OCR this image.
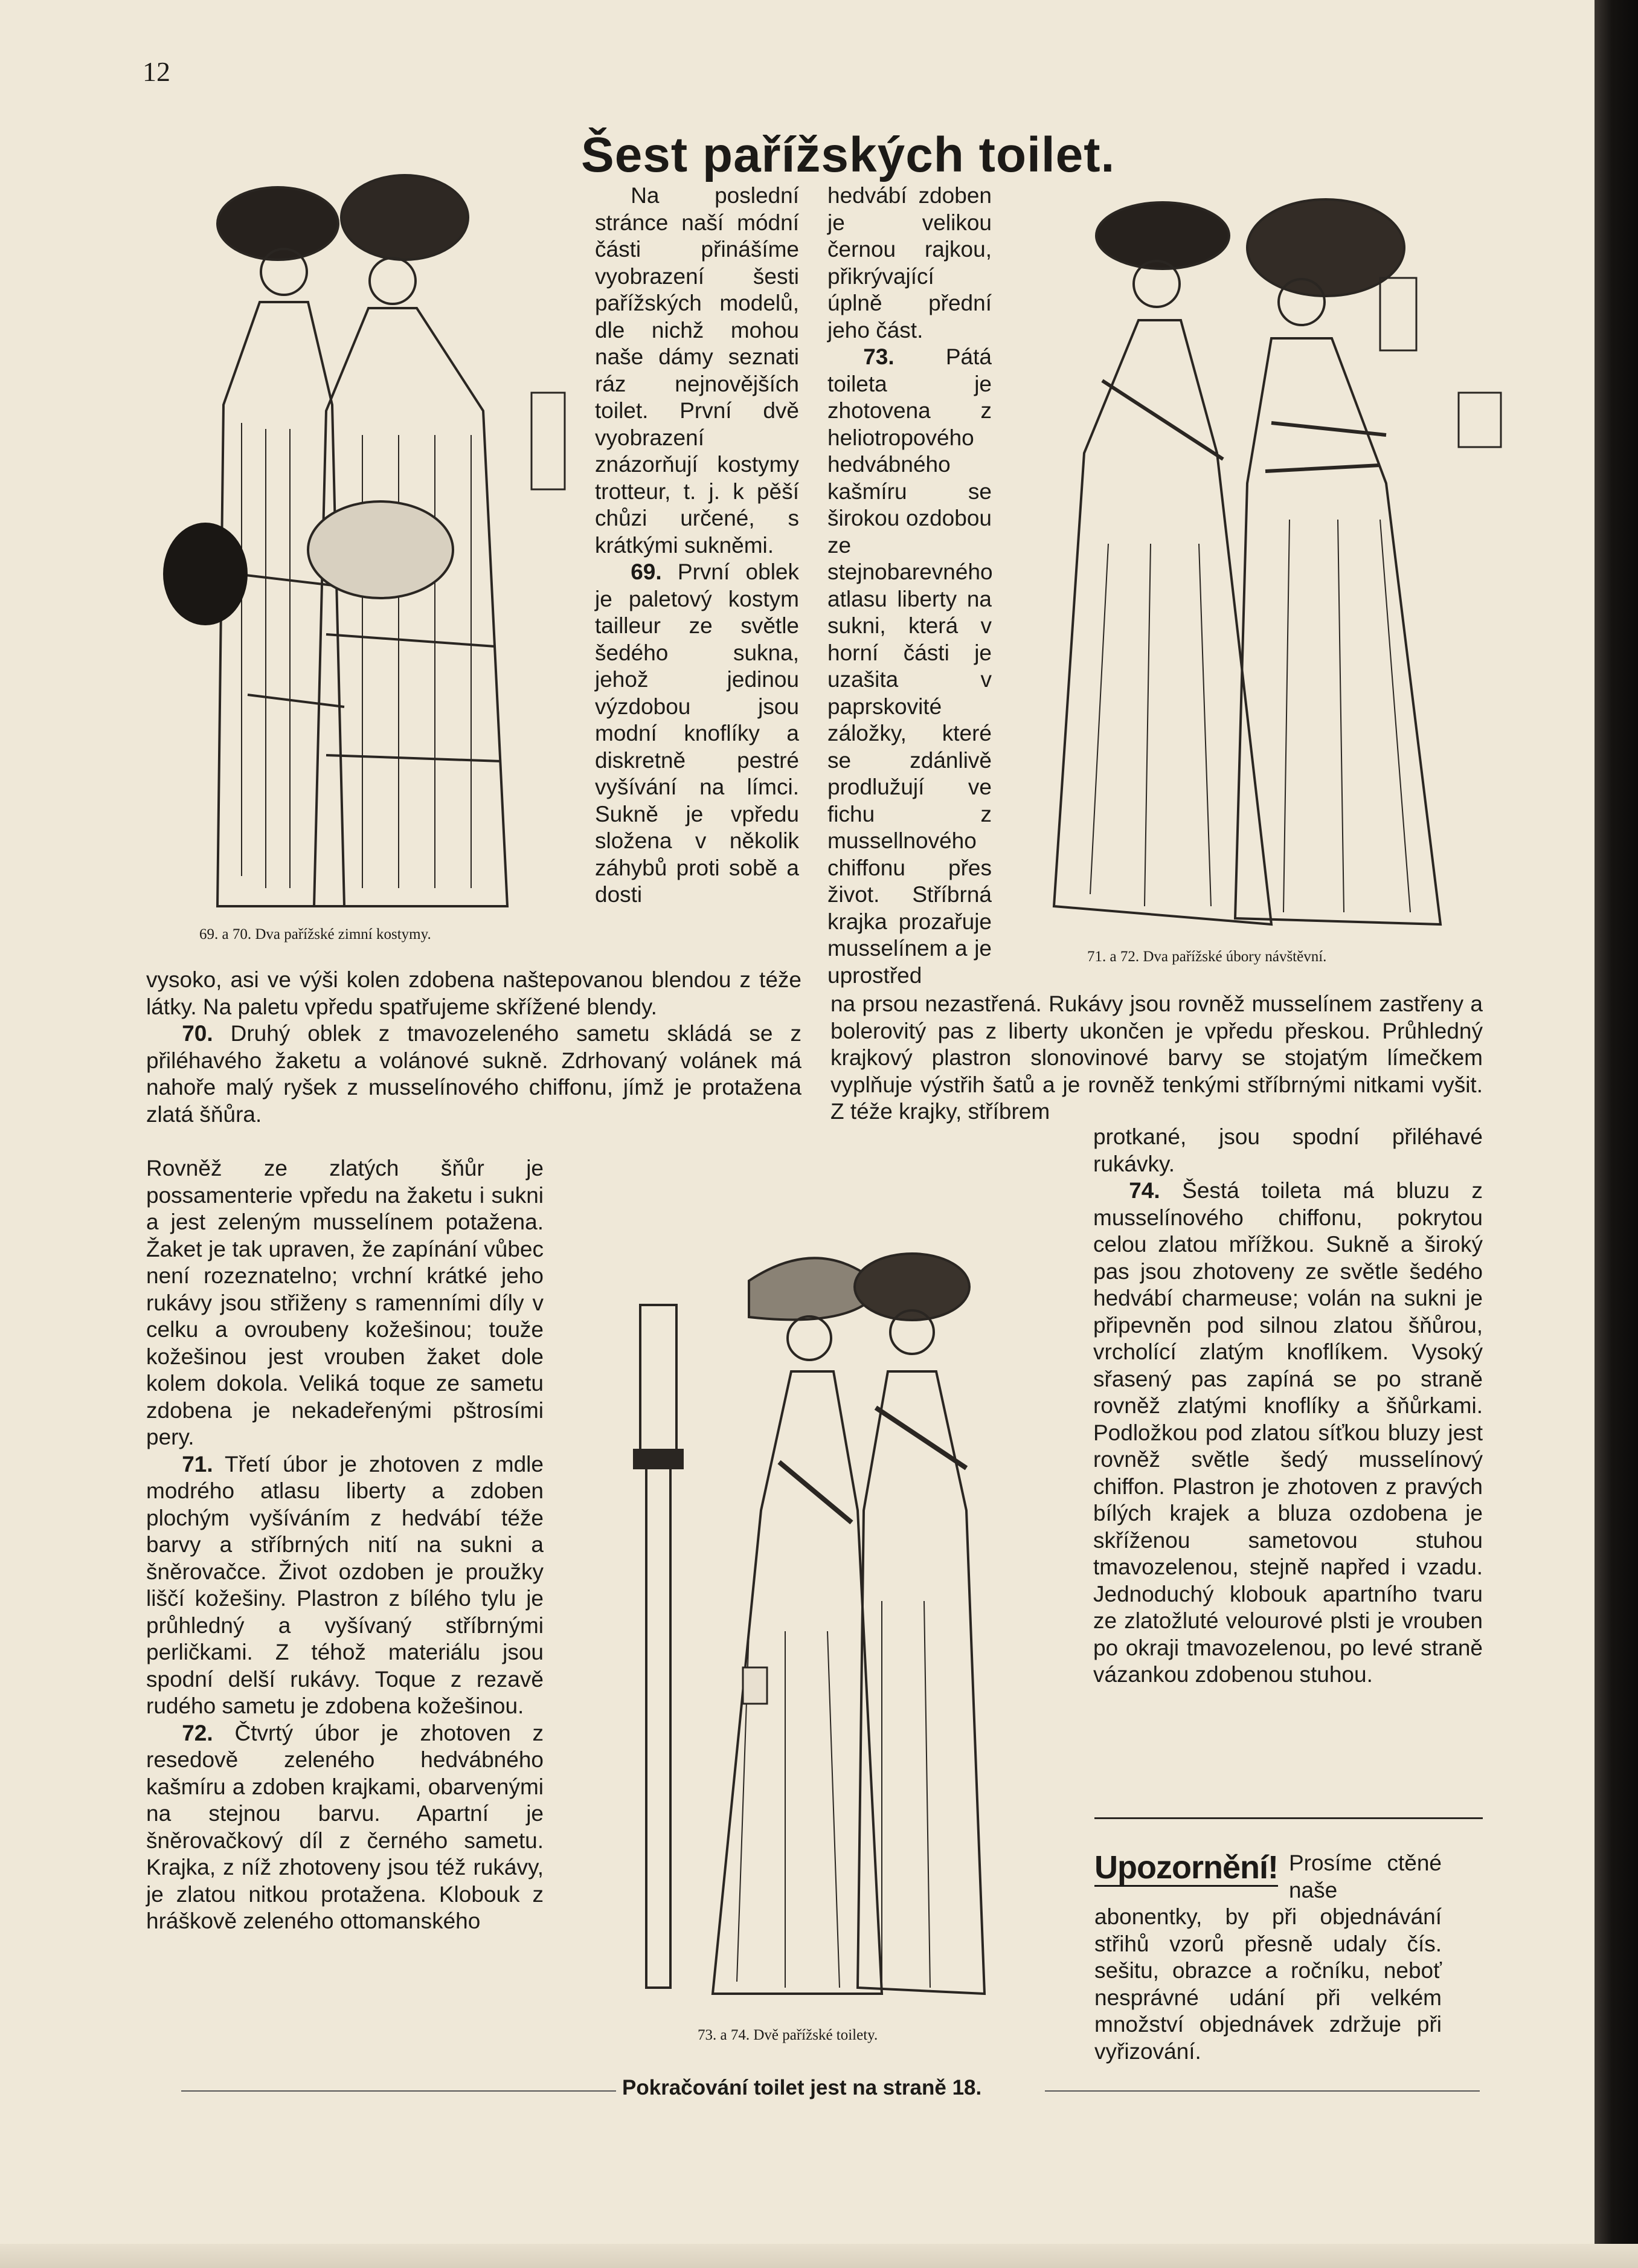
12
Šest pařížských toilet.
69. a 70. Dva pařížské zimní kostymy.

Na poslední stránce naší módní části přinášíme vyobrazení šesti pařížských modelů, dle nichž mohou naše dámy seznati ráz nejnovějších toilet. První dvě vyobrazení znázorňují kostymy trotteur, t. j. k pěší chůzi určené, s krátkými sukněmi.

69. První oblek je paletový kostym tailleur ze světle šedého sukna, jehož jedinou výzdobou jsou modní knoflíky a diskretně pestré vyšívání na límci. Sukně je vpředu složena v několik záhybů proti sobě a dosti

hedvábí zdoben je velikou černou rajkou, přikrývající úplně přední jeho část.

73. Pátá toileta je zhotovena z heliotropového hedvábného kašmíru se širokou ozdobou ze stejnobarevného atlasu liberty na sukni, která v horní části je uzašita v paprskovité záložky, které se zdánlivě prodlužují ve fichu z mussellnového chiffonu přes život. Stříbrná krajka prozařuje musselínem a je uprostřed

71. a 72. Dva pařížské úbory návštěvní.

vysoko, asi ve výši kolen zdobena naštepovanou blendou z téže látky. Na paletu vpředu spatřujeme skřížené blendy.

70. Druhý oblek z tmavozeleného sametu skládá se z přiléhavého žaketu a volánové sukně. Zdrhovaný volánek má nahoře malý ryšek z musselínového chiffonu, jímž je protažena zlatá šňůra.

Rovněž ze zlatých šňůr je possamenterie vpředu na žaketu i sukni a jest zeleným musselínem potažena. Žaket je tak upraven, že zapínání vůbec není rozeznatelno; vrchní krátké jeho rukávy jsou střiženy s ramenními díly v celku a ovroubeny kožešinou; touže kožešinou jest vrouben žaket dole kolem dokola. Veliká toque ze sametu zdobena je nekadeřenými pštrosími pery.

71. Třetí úbor je zhotoven z mdle modrého atlasu liberty a zdoben plochým vyšíváním z hedvábí téže barvy a stříbrných nití na sukni a šněrovačce. Život ozdoben je proužky liščí kožešiny. Plastron z bílého tylu je průhledný a vyšívaný stříbrnými perličkami. Z téhož materiálu jsou spodní delší rukávy. Toque z rezavě rudého sametu je zdobena kožešinou.

72. Čtvrtý úbor je zhotoven z resedově zeleného hedvábného kašmíru a zdoben krajkami, obarvenými na stejnou barvu. Apartní je šněrovačkový díl z černého sametu. Krajka, z níž zhotoveny jsou též rukávy, je zlatou nitkou protažena. Klobouk z hráškově zeleného ottomanského

na prsou nezastřená. Rukávy jsou rovněž musselínem zastřeny a bolerovitý pas z liberty ukončen je vpředu přeskou. Průhledný krajkový plastron slonovinové barvy se stojatým límečkem vyplňuje výstřih šatů a je rovněž tenkými stříbrnými nitkami vyšit. Z téže krajky, stříbrem

73. a 74. Dvě pařížské toilety.

protkané, jsou spodní přiléhavé rukávky.

74. Šestá toileta má bluzu z musselínového chiffonu, pokrytou celou zlatou mřížkou. Sukně a široký pas jsou zhotoveny ze světle šedého hedvábí charmeuse; volán na sukni je připevněn pod silnou zlatou šňůrou, vrcholící zlatým knoflíkem. Vysoký sřasený pas zapíná se po straně rovněž zlatými knoflíky a šňůrkami. Podložkou pod zlatou síťkou bluzy jest rovněž světle šedý musselínový chiffon. Plastron je zhotoven z pravých bílých krajek a bluza ozdobena je skříženou sametovou stuhou tmavozelenou, stejně napřed i vzadu. Jednoduchý klobouk apartního tvaru ze zlatožluté velourové plsti je vrouben po okraji tmavozelenou, po levé straně vázankou zdobenou stuhou.

Upozornění! Prosíme ctěné naše abonentky, by při objednávání střihů vzorů přesně udaly čís. sešitu, obrazce a ročníku, neboť nesprávné udání při velkém množství objednávek zdržuje při vyřizování.

Pokračování toilet jest na straně 18.
